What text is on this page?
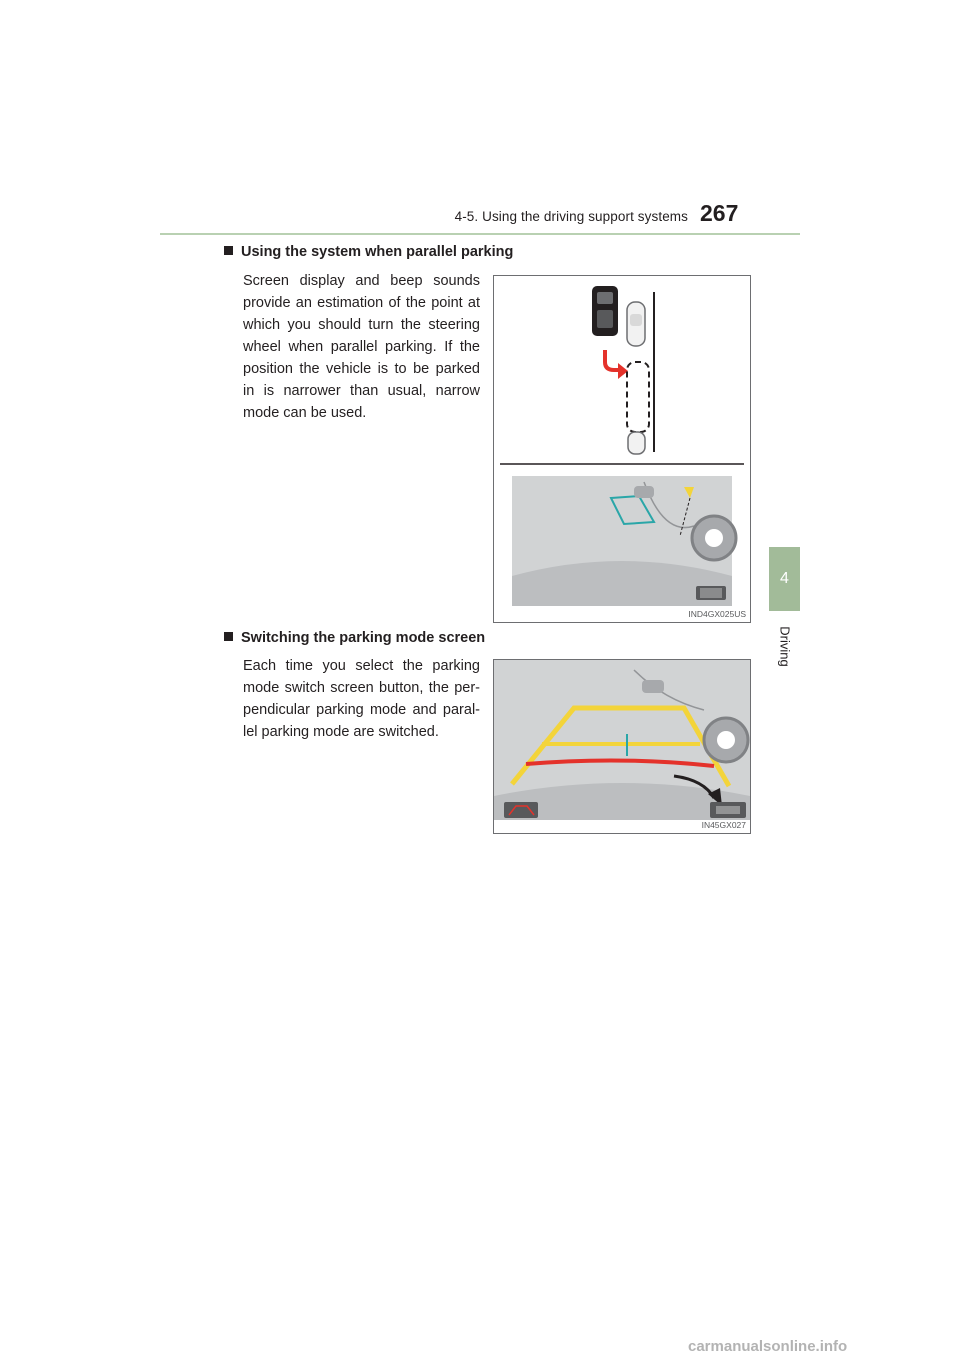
4-5. Using the driving support systems 267
4
Driving
Using the system when parallel parking
Screen display and beep sounds provide an estimation of the point at which you should turn the steering wheel when parallel parking. If the position the vehicle is to be parked in is narrower than usual, narrow mode can be used.
IND4GX025US
Switching the parking mode screen
Each time you select the parking mode switch screen button, the per-pendicular parking mode and paral-lel parking mode are switched.
IN45GX027
carmanualsonline.info
